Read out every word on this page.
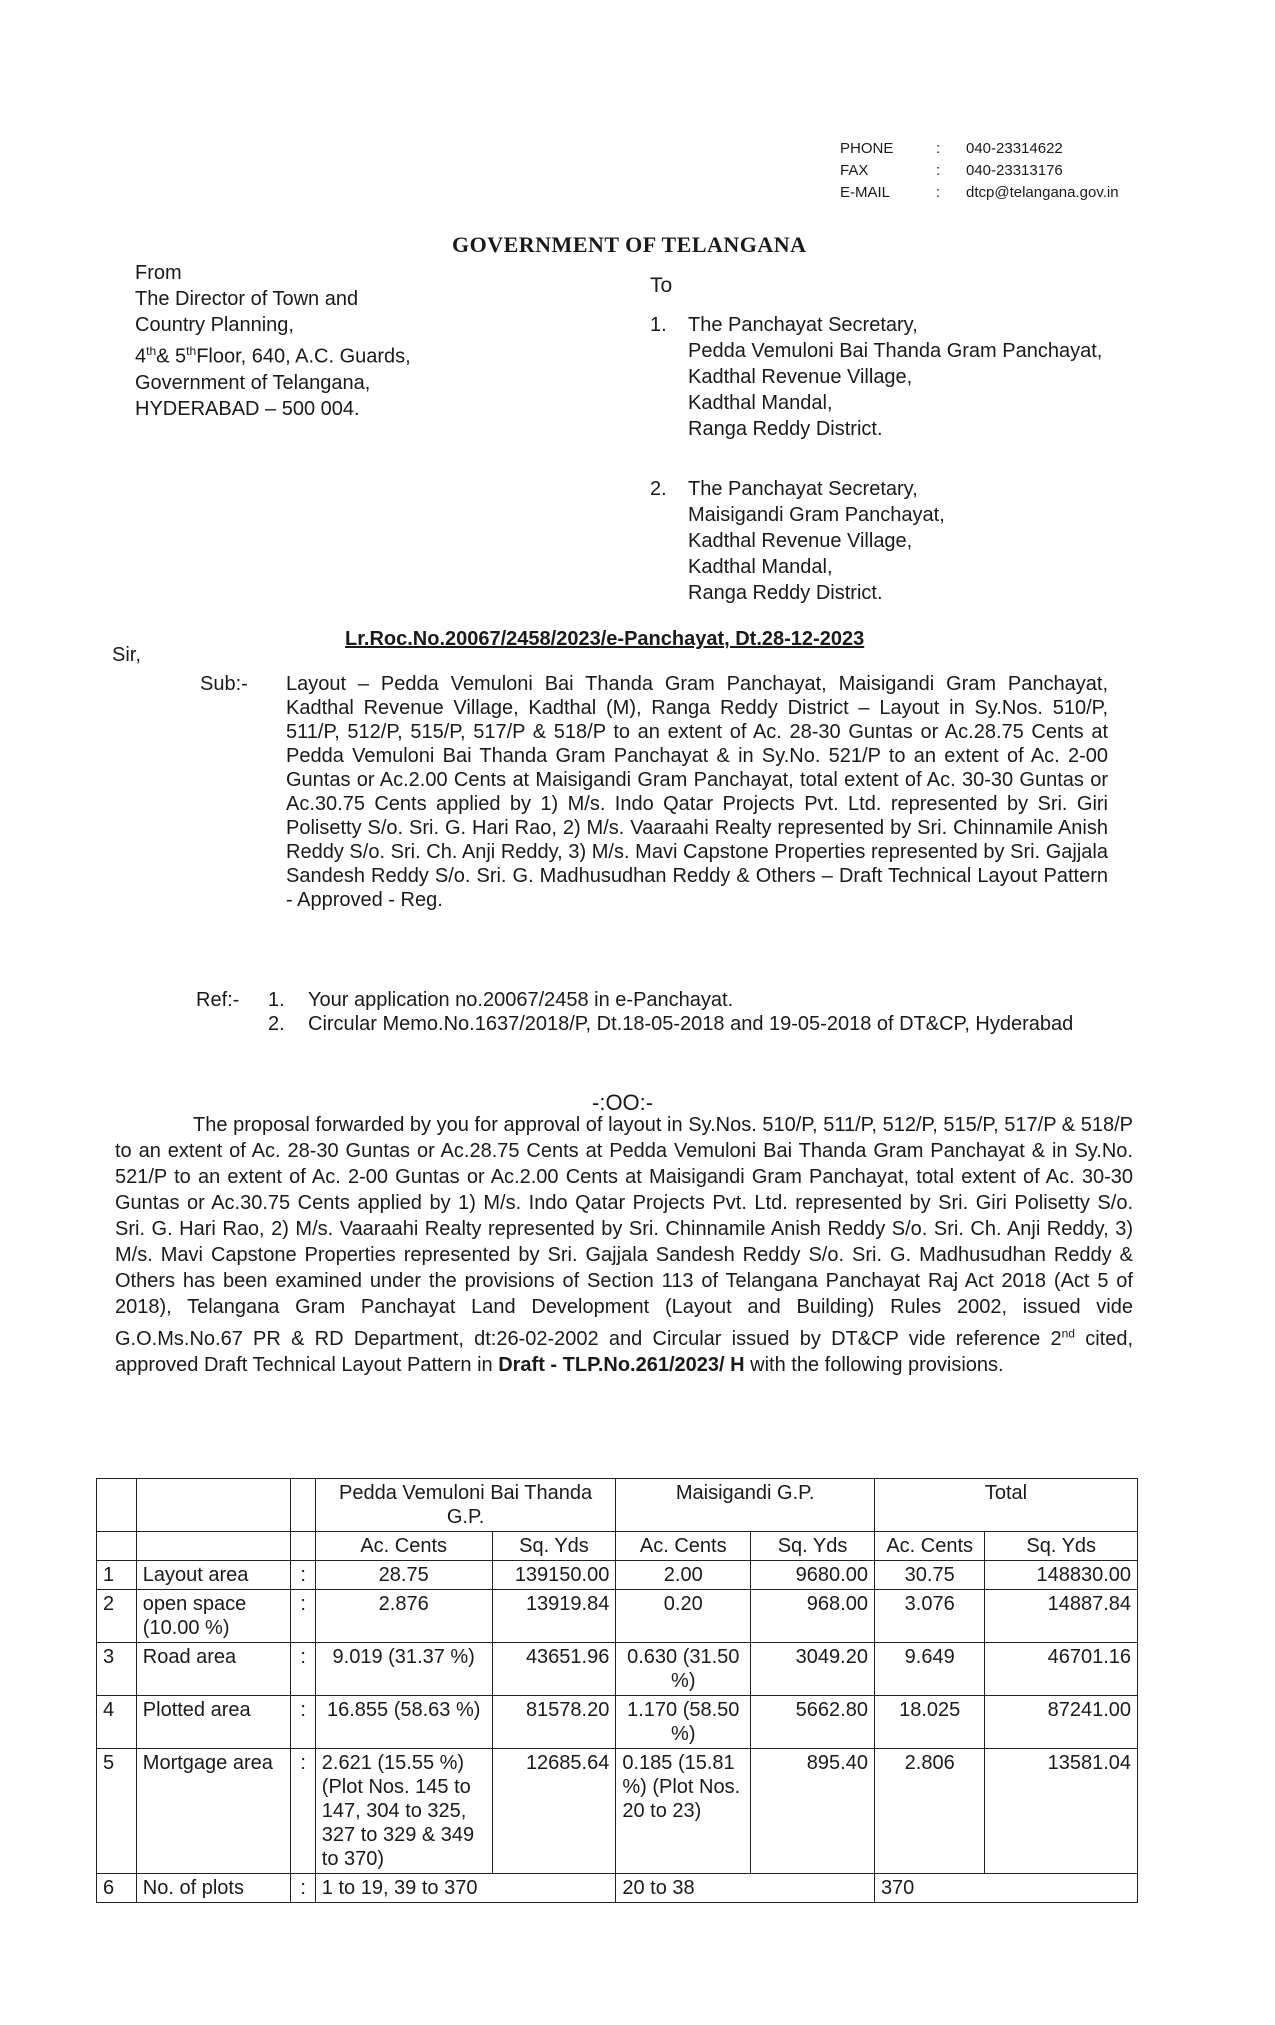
PHONE	:	040-23314622
FAX	:	040-23313176
E-MAIL	:	dtcp@telangana.gov.in
GOVERNMENT OF TELANGANA
From
The Director of Town and
Country Planning,
4th& 5thFloor, 640, A.C. Guards,
Government of Telangana,
HYDERABAD – 500 004.
To
1.	The Panchayat Secretary,
Pedda Vemuloni Bai Thanda Gram Panchayat,
Kadthal Revenue Village,
Kadthal Mandal,
Ranga Reddy District.
2.	The Panchayat Secretary,
Maisigandi Gram Panchayat,
Kadthal Revenue Village,
Kadthal Mandal,
Ranga Reddy District.
Sir,
Lr.Roc.No.20067/2458/2023/e-Panchayat, Dt.28-12-2023
Sub:- Layout – Pedda Vemuloni Bai Thanda Gram Panchayat, Maisigandi Gram Panchayat, Kadthal Revenue Village, Kadthal (M), Ranga Reddy District – Layout in Sy.Nos. 510/P, 511/P, 512/P, 515/P, 517/P & 518/P to an extent of Ac. 28-30 Guntas or Ac.28.75 Cents at Pedda Vemuloni Bai Thanda Gram Panchayat & in Sy.No. 521/P to an extent of Ac. 2-00 Guntas or Ac.2.00 Cents at Maisigandi Gram Panchayat, total extent of Ac. 30-30 Guntas or Ac.30.75 Cents applied by 1) M/s. Indo Qatar Projects Pvt. Ltd. represented by Sri. Giri Polisetty S/o. Sri. G. Hari Rao, 2) M/s. Vaaraahi Realty represented by Sri. Chinnamile Anish Reddy S/o. Sri. Ch. Anji Reddy, 3) M/s. Mavi Capstone Properties represented by Sri. Gajjala Sandesh Reddy S/o. Sri. G. Madhusudhan Reddy & Others – Draft Technical Layout Pattern - Approved - Reg.
Ref:- 1. Your application no.20067/2458 in e-Panchayat.
2. Circular Memo.No.1637/2018/P, Dt.18-05-2018 and 19-05-2018 of DT&CP, Hyderabad
-:OO:-
The proposal forwarded by you for approval of layout in Sy.Nos. 510/P, 511/P, 512/P, 515/P, 517/P & 518/P to an extent of Ac. 28-30 Guntas or Ac.28.75 Cents at Pedda Vemuloni Bai Thanda Gram Panchayat & in Sy.No. 521/P to an extent of Ac. 2-00 Guntas or Ac.2.00 Cents at Maisigandi Gram Panchayat, total extent of Ac. 30-30 Guntas or Ac.30.75 Cents applied by 1) M/s. Indo Qatar Projects Pvt. Ltd. represented by Sri. Giri Polisetty S/o. Sri. G. Hari Rao, 2) M/s. Vaaraahi Realty represented by Sri. Chinnamile Anish Reddy S/o. Sri. Ch. Anji Reddy, 3) M/s. Mavi Capstone Properties represented by Sri. Gajjala Sandesh Reddy S/o. Sri. G. Madhusudhan Reddy & Others has been examined under the provisions of Section 113 of Telangana Panchayat Raj Act 2018 (Act 5 of 2018), Telangana Gram Panchayat Land Development (Layout and Building) Rules 2002, issued vide G.O.Ms.No.67 PR & RD Department, dt:26-02-2002 and Circular issued by DT&CP vide reference 2nd cited, approved Draft Technical Layout Pattern in Draft - TLP.No.261/2023/ H with the following provisions.
			Pedda Vemuloni Bai Thanda G.P.		Maisigandi G.P.		Total	
			Ac. Cents	Sq. Yds	Ac. Cents	Sq. Yds	Ac. Cents	Sq. Yds
1	Layout area	:	28.75	139150.00	2.00	9680.00	30.75	148830.00
2	open space (10.00 %)	:	2.876	13919.84	0.20	968.00	3.076	14887.84
3	Road area	:	9.019 (31.37 %)	43651.96	0.630 (31.50 %)	3049.20	9.649	46701.16
4	Plotted area	:	16.855 (58.63 %)	81578.20	1.170 (58.50 %)	5662.80	18.025	87241.00
5	Mortgage area	:	2.621 (15.55 %) (Plot Nos. 145 to 147, 304 to 325, 327 to 329 & 349 to 370)	12685.64	0.185 (15.81 %) (Plot Nos. 20 to 23)	895.40	2.806	13581.04
6	No. of plots	:	1 to 19, 39 to 370		20 to 38		370	
